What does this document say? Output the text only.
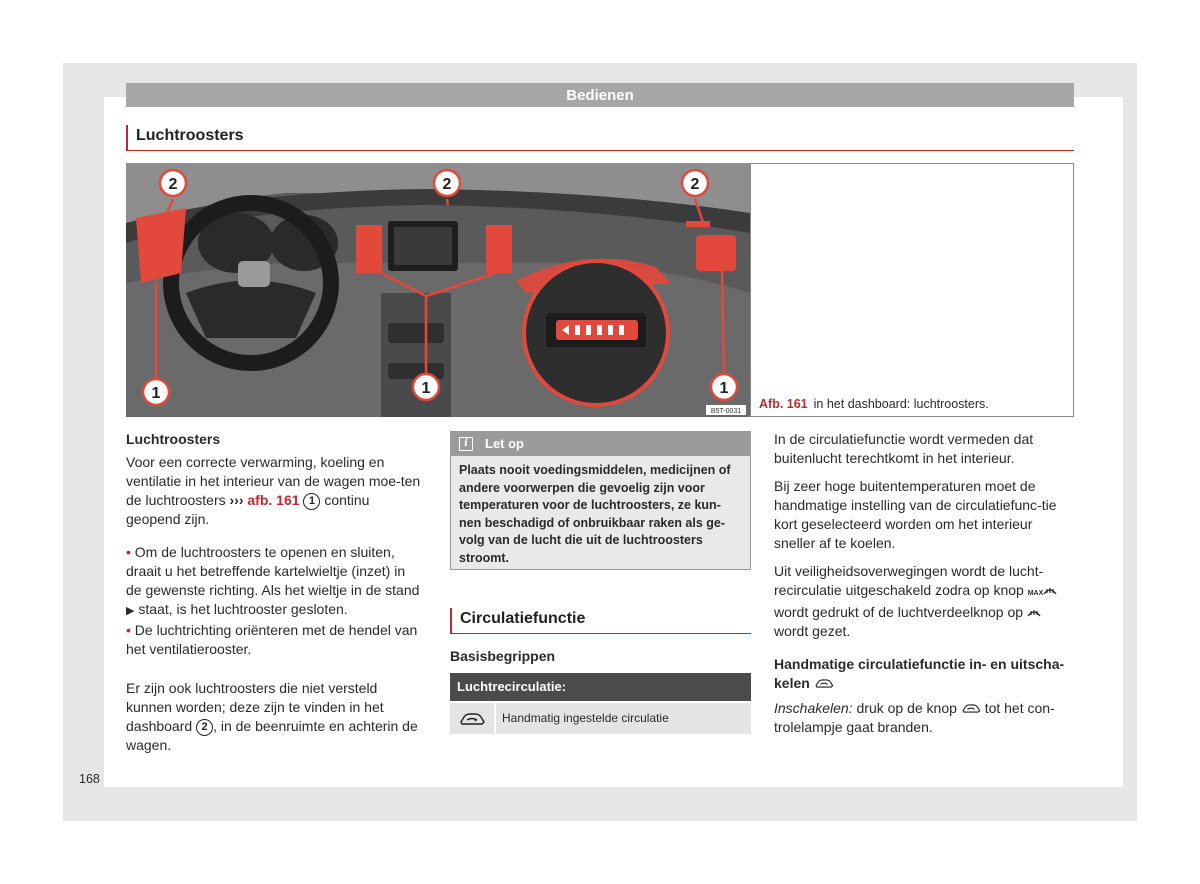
Bedienen
Luchtroosters
2	2	2
1	1	1
B5T-0031
Afb. 161 in het dashboard: luchtroosters.

Luchtroosters

Voor een correcte verwarming, koeling en ventilatie in het interieur van de wagen moe-ten de luchtroosters ››› afb. 161 1 continu geopend zijn.

• Om de luchtroosters te openen en sluiten, draait u het betreffende kartelwieltje (inzet) in de gewenste richting. Als het wieltje in de stand ▶ staat, is het luchtrooster gesloten.

• De luchtrichting oriënteren met de hendel van het ventilatierooster.

Er zijn ook luchtroosters die niet versteld kunnen worden; deze zijn te vinden in het dashboard 2 , in de beenruimte en achterin de wagen.

i	Let op
Plaats nooit voedingsmiddelen, medicijnen of andere voorwerpen die gevoelig zijn voor temperaturen voor de luchtroosters, ze kun-nen beschadigd of onbruikbaar raken als ge-volg van de lucht die uit de luchtroosters stroomt.
Circulatiefunctie
Basisbegrippen
Luchtrecirculatie:
Handmatig ingestelde circulatie

In de circulatiefunctie wordt vermeden dat buitenlucht terechtkomt in het interieur.

Bij zeer hoge buitentemperaturen moet de handmatige instelling van de circulatiefunc-tie kort geselecteerd worden om het interieur sneller af te koelen.

Uit veiligheidsoverwegingen wordt de lucht-recirculatie uitgeschakeld zodra op knop MAX wordt gedrukt of de luchtverdeelknop op  wordt gezet.

Handmatige circulatiefunctie in- en uitscha-kelen

Inschakelen: druk op de knop tot het con-trolelampje gaat branden.

168
